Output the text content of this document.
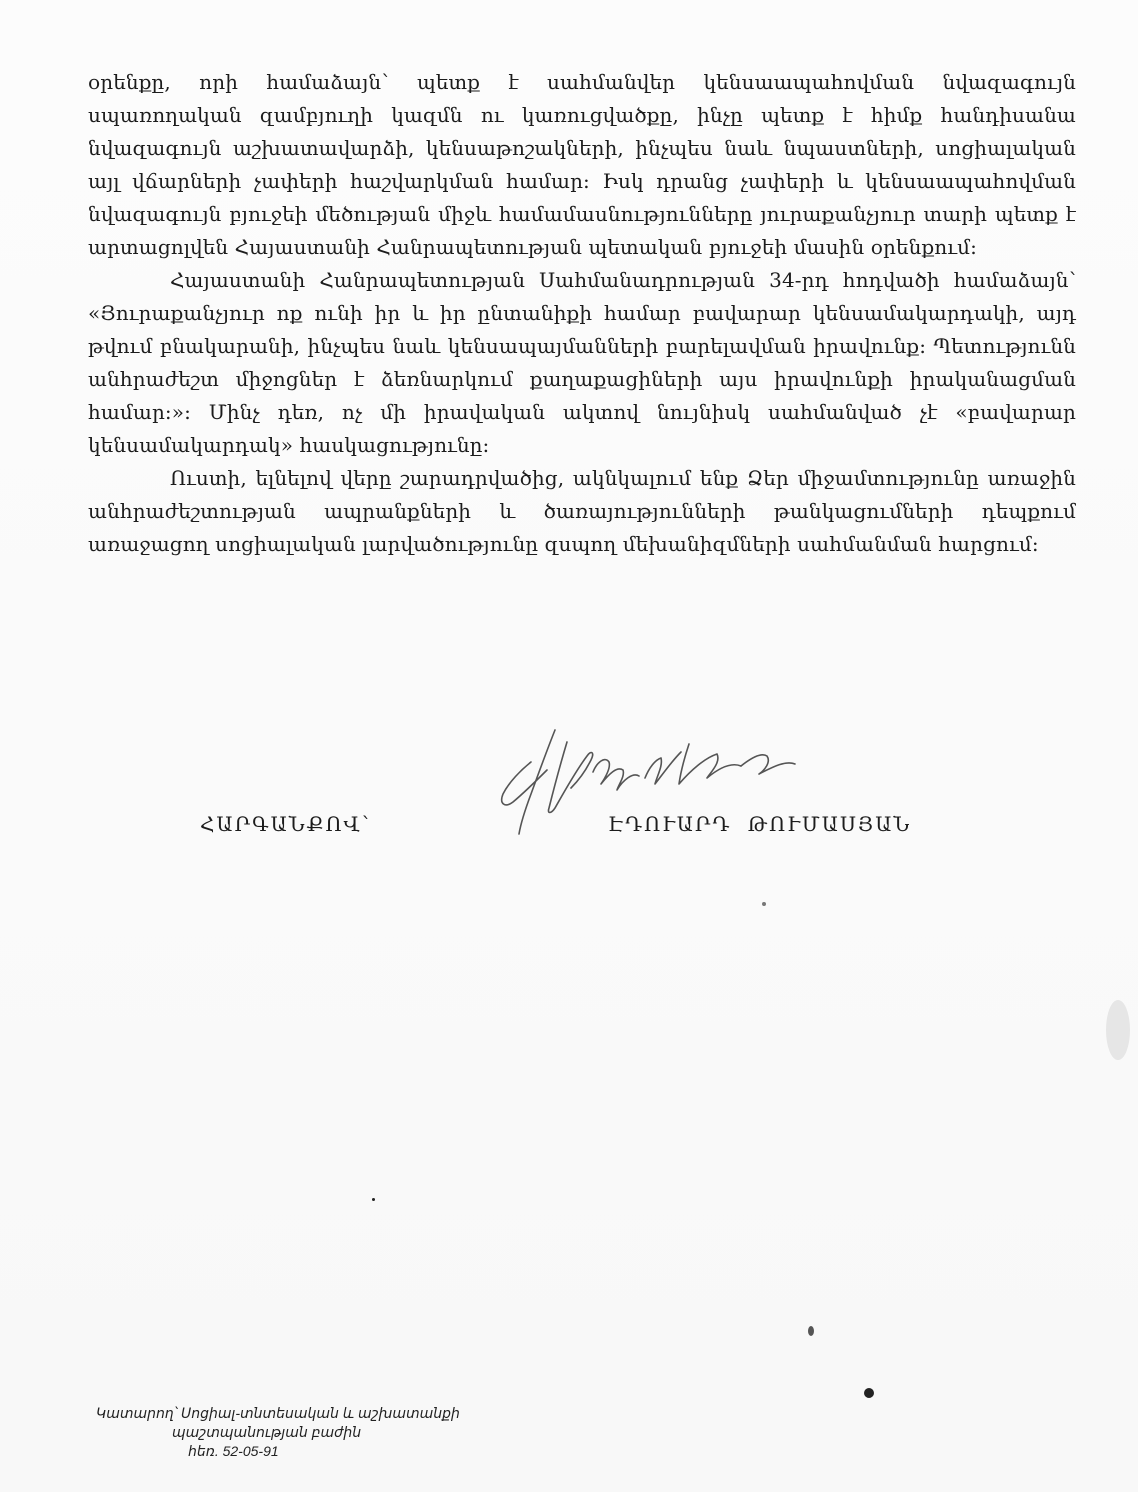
օրենքը, որի համաձայն՝ պետք է սահմանվեր կենսաապահովման նվազագույն սպառողական զամբյուղի կազմն ու կառուցվածքը, ինչը պետք է հիմք հանդիսանա նվազագույն աշխատավարձի, կենսաթոշակների, ինչպես նաև նպաստների, սոցիալական այլ վճարների չափերի հաշվարկման համար: Իսկ դրանց չափերի և կենսաապահովման նվազագույն բյուջեի մեծության միջև համամասնությունները յուրաքանչյուր տարի պետք է արտացոլվեն Հայաստանի Հանրապետության պետական բյուջեի մասին օրենքում:

Հայաստանի Հանրապետության Սահմանադրության 34-րդ հոդվածի համաձայն՝ «Յուրաքանչյուր ոք ունի իր և իր ընտանիքի համար բավարար կենսամակարդակի, այդ թվում բնակարանի, ինչպես նաև կենսապայմանների բարելավման իրավունք: Պետությունն անհրաժեշտ միջոցներ է ձեռնարկում քաղաքացիների այս իրավունքի իրականացման համար:»: Մինչ դեռ, ոչ մի իրավական ակտով նույնիսկ սահմանված չէ «բավարար կենսամակարդակ» հասկացությունը:

Ուստի, ելնելով վերը շարադրվածից, ակնկալում ենք Ձեր միջամտությունը առաջին անհրաժեշտության ապրանքների և ծառայությունների թանկացումների դեպքում առաջացող սոցիալական լարվածությունը զսպող մեխանիզմների սահմանման հարցում:

ՀԱՐԳԱՆՔՈՎ՝	ԷԴՈՒԱՐԴ ԹՈՒՄԱՍՅԱՆ
Կատարող՝ Սոցիալ-տնտեսական և աշխատանքի
պաշտպանության բաժին
հեռ. 52-05-91
